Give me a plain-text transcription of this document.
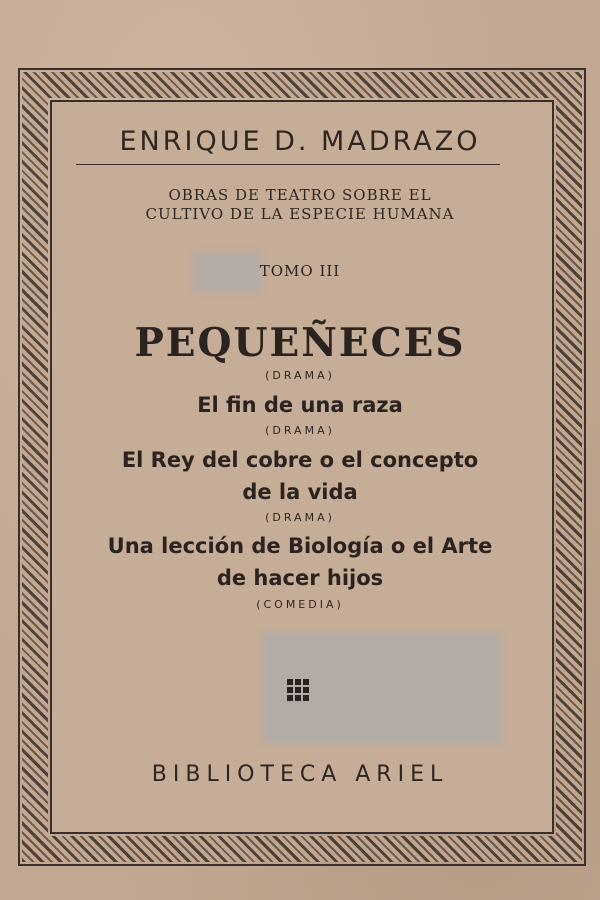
ENRIQUE D. MADRAZO
OBRAS DE TEATRO SOBRE EL
CULTIVO DE LA ESPECIE HUMANA
TOMO III
PEQUEÑECES
(DRAMA)
El fin de una raza
(DRAMA)
El Rey del cobre o el concepto
de la vida
(DRAMA)
Una lección de Biología o el Arte
de hacer hijos
(COMEDIA)
BIBLIOTECA ARIEL
